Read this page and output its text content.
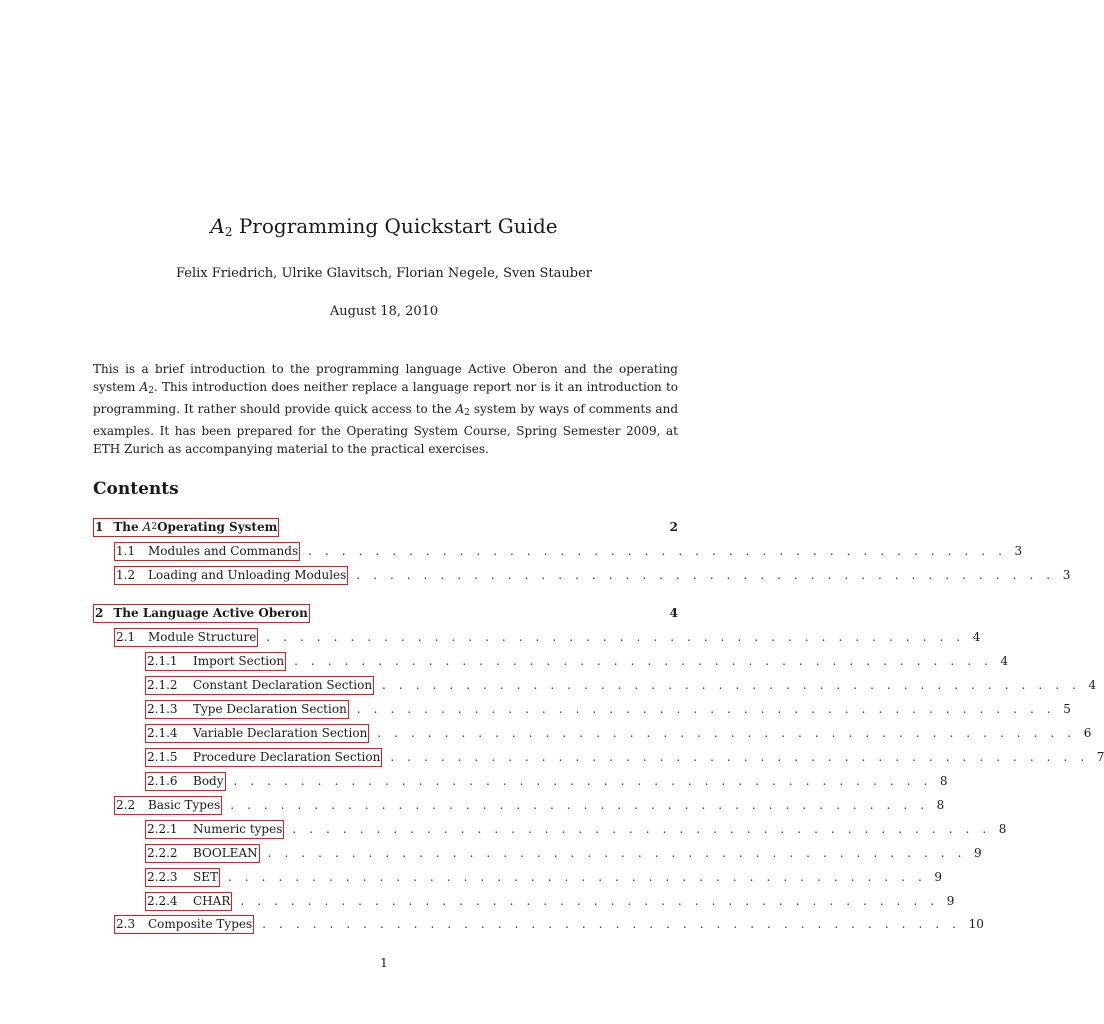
$A_2$ Programming Quickstart Guide
Felix Friedrich, Ulrike Glavitsch, Florian Negele, Sven Stauber
August 18, 2010

This is a brief introduction to the programming language Active Oberon and the operating system $A_2$. This introduction does neither replace a language report nor is it an introduction to programming. It rather should provide quick access to the $A_2$ system by ways of comments and examples. It has been prepared for the Operating System Course, Spring Semester 2009, at ETH Zurich as accompanying material to the practical exercises.

Contents
1 The A 2 Operating System	2
1.1	Modules and Commands . . . . . . . . . . . . . . . . . . . . . . . . . . . . . . . . . . . . . . . . . . 3
1.2	Loading and Unloading Modules . . . . . . . . . . . . . . . . . . . . . . . . . . . . . . . . . . . . . . . . . . 3
2 The Language Active Oberon	4
2.1	Module Structure . . . . . . . . . . . . . . . . . . . . . . . . . . . . . . . . . . . . . . . . . . 4
2.1.1	Import Section . . . . . . . . . . . . . . . . . . . . . . . . . . . . . . . . . . . . . . . . . . 4
2.1.2	Constant Declaration Section . . . . . . . . . . . . . . . . . . . . . . . . . . . . . . . . . . . . . . . . . . 4
2.1.3	Type Declaration Section . . . . . . . . . . . . . . . . . . . . . . . . . . . . . . . . . . . . . . . . . . 5
2.1.4	Variable Declaration Section . . . . . . . . . . . . . . . . . . . . . . . . . . . . . . . . . . . . . . . . . . 6
2.1.5	Procedure Declaration Section . . . . . . . . . . . . . . . . . . . . . . . . . . . . . . . . . . . . . . . . . . 7
2.1.6	Body . . . . . . . . . . . . . . . . . . . . . . . . . . . . . . . . . . . . . . . . . . 8
2.2	Basic Types . . . . . . . . . . . . . . . . . . . . . . . . . . . . . . . . . . . . . . . . . . 8
2.2.1	Numeric types . . . . . . . . . . . . . . . . . . . . . . . . . . . . . . . . . . . . . . . . . . 8
2.2.2	BOOLEAN . . . . . . . . . . . . . . . . . . . . . . . . . . . . . . . . . . . . . . . . . . 9
2.2.3	SET . . . . . . . . . . . . . . . . . . . . . . . . . . . . . . . . . . . . . . . . . . 9
2.2.4	CHAR . . . . . . . . . . . . . . . . . . . . . . . . . . . . . . . . . . . . . . . . . . 9
2.3	Composite Types . . . . . . . . . . . . . . . . . . . . . . . . . . . . . . . . . . . . . . . . . . 10
1
